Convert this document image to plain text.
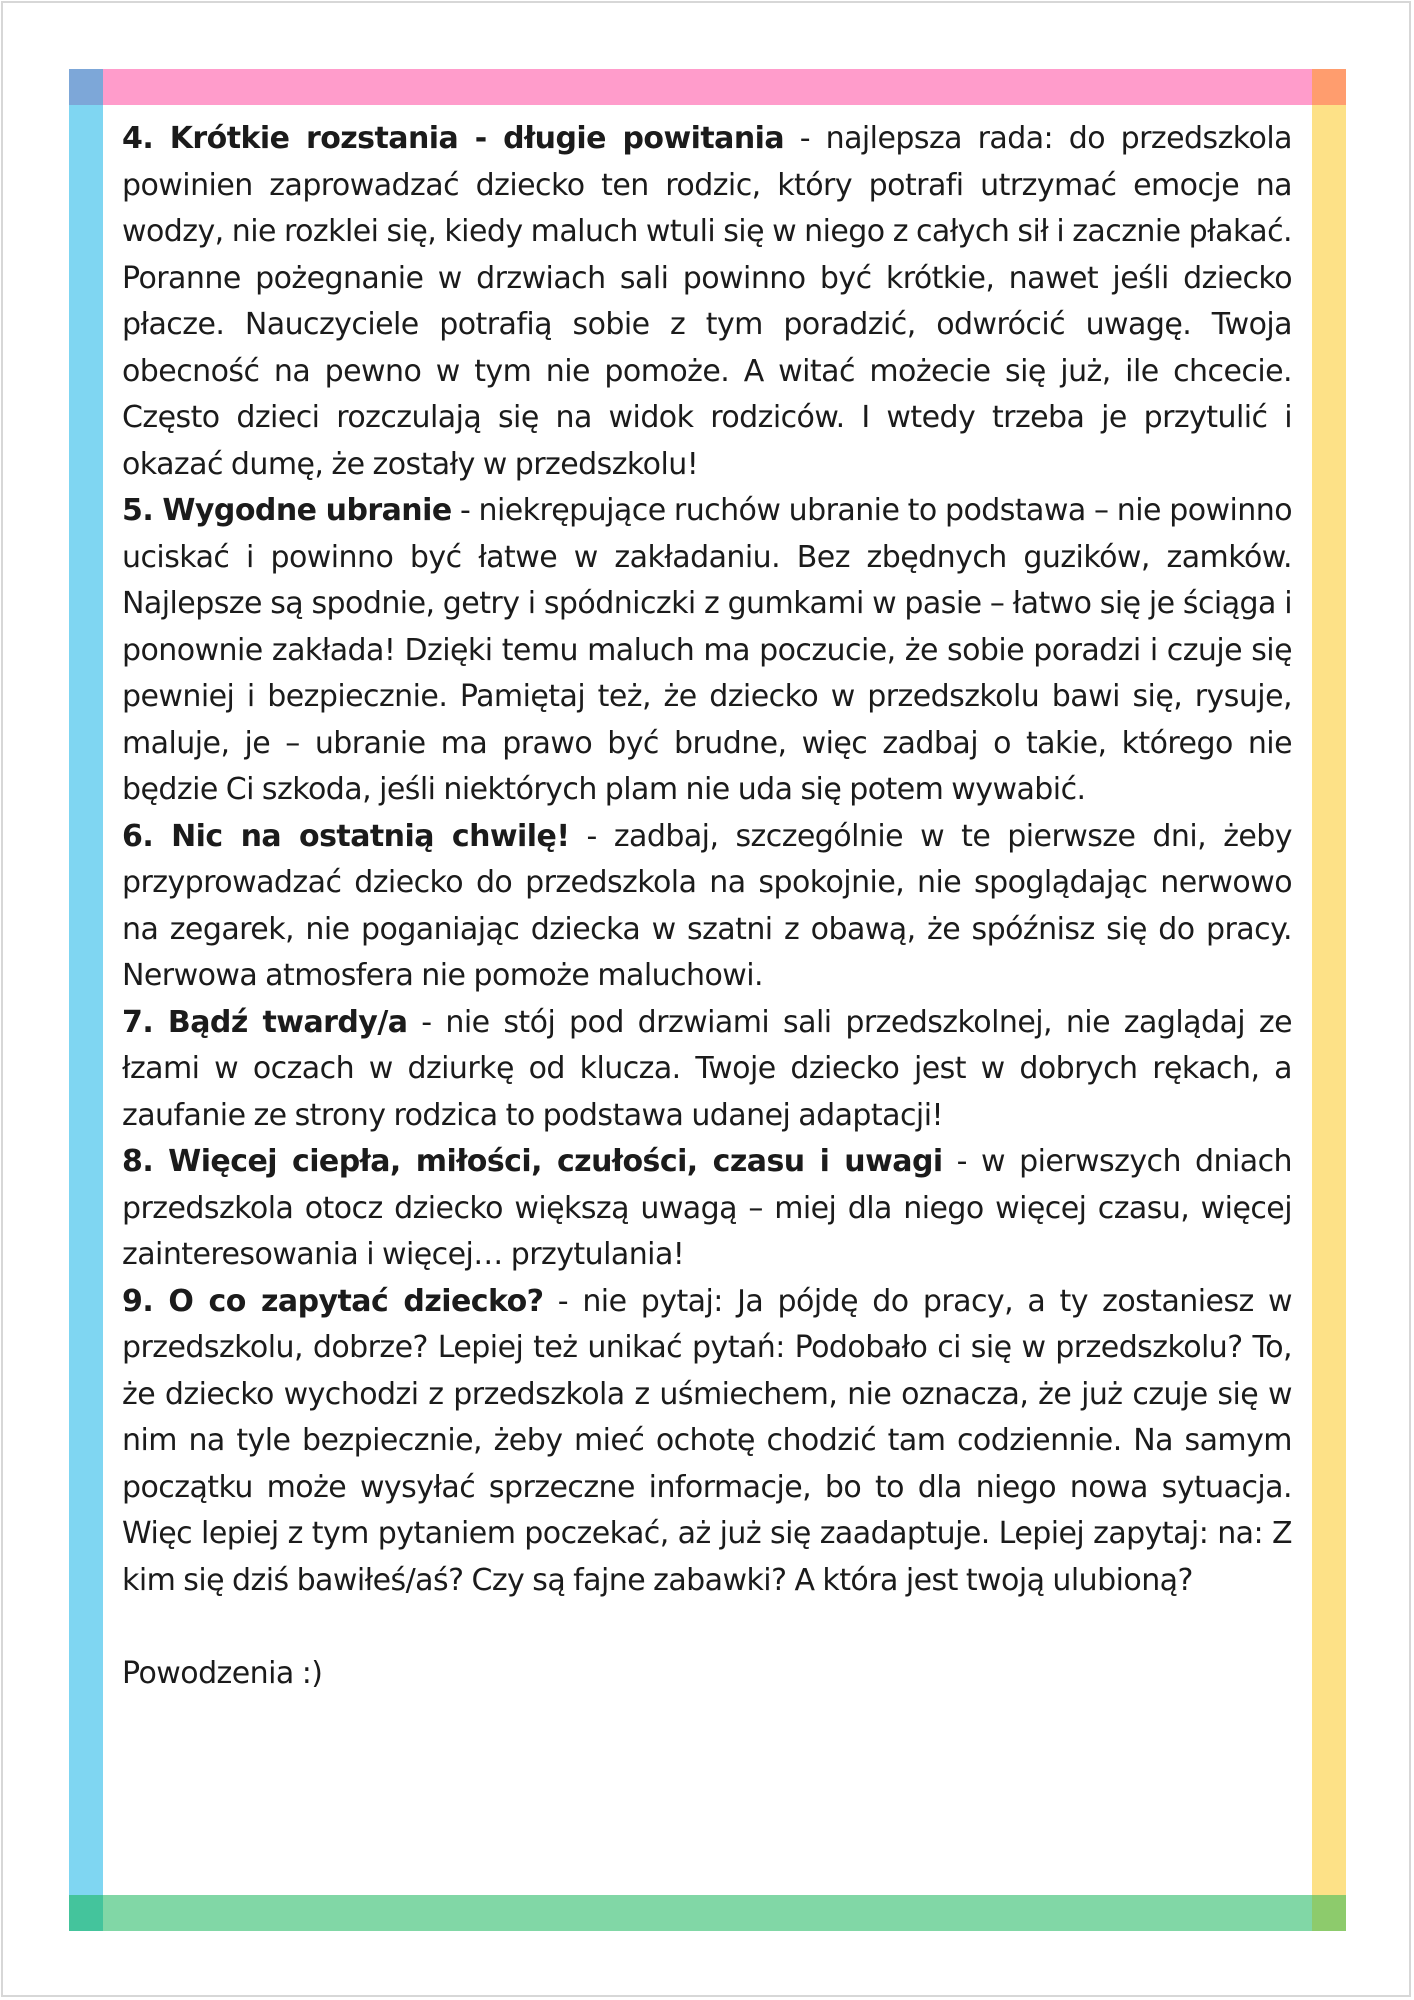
4. Krótkie rozstania - długie powitania - najlepsza rada: do przedszkola powinien zaprowadzać dziecko ten rodzic, który potrafi utrzymać emocje na wodzy, nie rozklei się, kiedy maluch wtuli się w niego z całych sił i zacznie płakać. Poranne pożegnanie w drzwiach sali powinno być krótkie, nawet jeśli dziecko płacze. Nauczyciele potrafią sobie z tym poradzić, odwrócić uwagę. Twoja obecność na pewno w tym nie pomoże. A witać możecie się już, ile chcecie. Często dzieci rozczulają się na widok rodziców. I wtedy trzeba je przytulić i okazać dumę, że zostały w przedszkolu!

5. Wygodne ubranie - niekrępujące ruchów ubranie to podstawa – nie powinno uciskać i powinno być łatwe w zakładaniu. Bez zbędnych guzików, zamków. Najlepsze są spodnie, getry i spódniczki z gumkami w pasie – łatwo się je ściąga i ponownie zakłada! Dzięki temu maluch ma poczucie, że sobie poradzi i czuje się pewniej i bezpiecznie. Pamiętaj też, że dziecko w przedszkolu bawi się, rysuje, maluje, je – ubranie ma prawo być brudne, więc zadbaj o takie, którego nie będzie Ci szkoda, jeśli niektórych plam nie uda się potem wywabić.

6. Nic na ostatnią chwilę! - zadbaj, szczególnie w te pierwsze dni, żeby przyprowadzać dziecko do przedszkola na spokojnie, nie spoglądając nerwowo na zegarek, nie poganiając dziecka w szatni z obawą, że spóźnisz się do pracy. Nerwowa atmosfera nie pomoże maluchowi.

7. Bądź twardy/a - nie stój pod drzwiami sali przedszkolnej, nie zaglądaj ze łzami w oczach w dziurkę od klucza. Twoje dziecko jest w dobrych rękach, a zaufanie ze strony rodzica to podstawa udanej adaptacji!

8. Więcej ciepła, miłości, czułości, czasu i uwagi - w pierwszych dniach przedszkola otocz dziecko większą uwagą – miej dla niego więcej czasu, więcej zainteresowania i więcej… przytulania!

9. O co zapytać dziecko? - nie pytaj: Ja pójdę do pracy, a ty zostaniesz w przedszkolu, dobrze? Lepiej też unikać pytań: Podobało ci się w przedszkolu? To, że dziecko wychodzi z przedszkola z uśmiechem, nie oznacza, że już czuje się w nim na tyle bezpiecznie, żeby mieć ochotę chodzić tam codziennie. Na samym początku może wysyłać sprzeczne informacje, bo to dla niego nowa sytuacja. Więc lepiej z tym pytaniem poczekać, aż już się zaadaptuje. Lepiej zapytaj: na: Z kim się dziś bawiłeś/aś? Czy są fajne zabawki? A która jest twoją ulubioną?

Powodzenia :)
